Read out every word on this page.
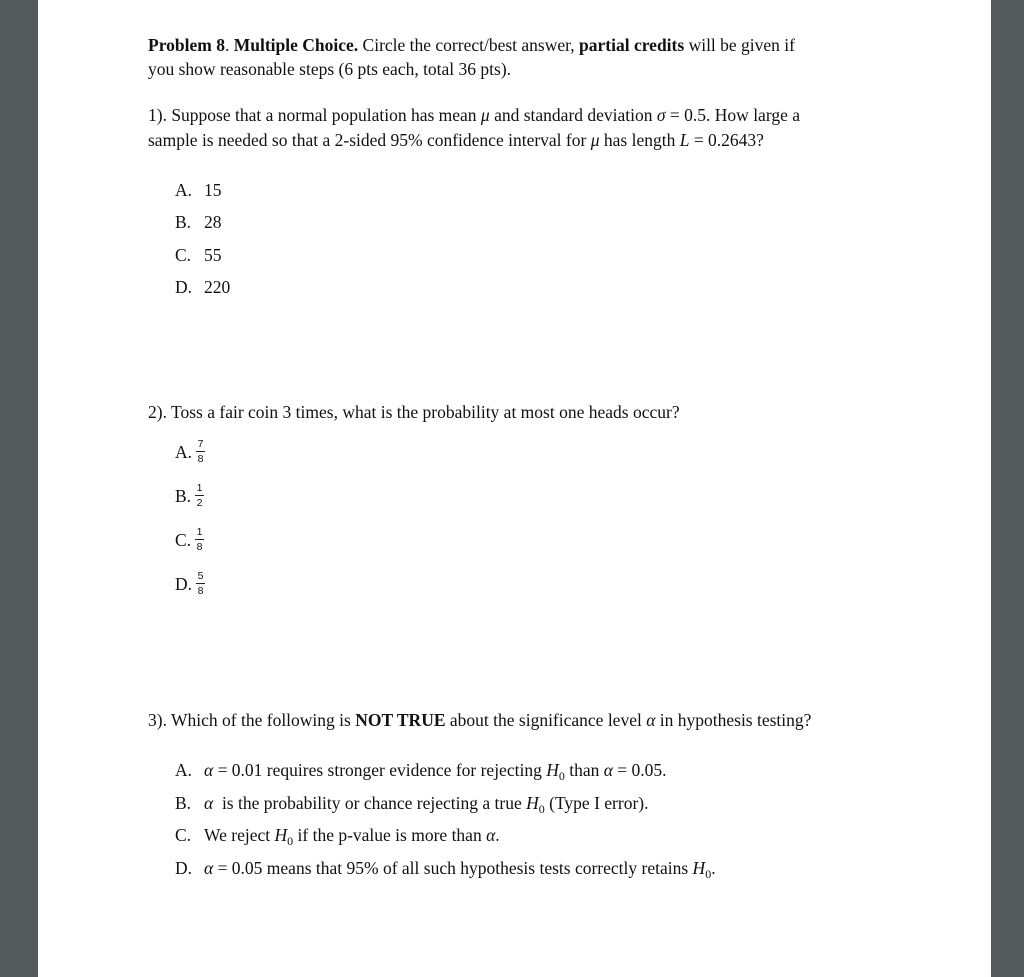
Problem 8. Multiple Choice. Circle the correct/best answer, partial credits will be given if
you show reasonable steps (6 pts each, total 36 pts).
1). Suppose that a normal population has mean μ and standard deviation σ = 0.5. How large a
sample is needed so that a 2-sided 95% confidence interval for μ has length L = 0.2643?
A. 15
B. 28
C. 55
D. 220
2). Toss a fair coin 3 times, what is the probability at most one heads occur?
A. $\frac{7}{8}$
B. $\frac{1}{2}$
C. $\frac{1}{8}$
D. $\frac{5}{8}$
3). Which of the following is NOT TRUE about the significance level α in hypothesis testing?
A. α = 0.01 requires stronger evidence for rejecting $H_0$ than α = 0.05.
B. α is the probability or chance rejecting a true $H_0$ (Type I error).
C. We reject $H_0$ if the p-value is more than α.
D. α = 0.05 means that 95% of all such hypothesis tests correctly retains $H_0$.
